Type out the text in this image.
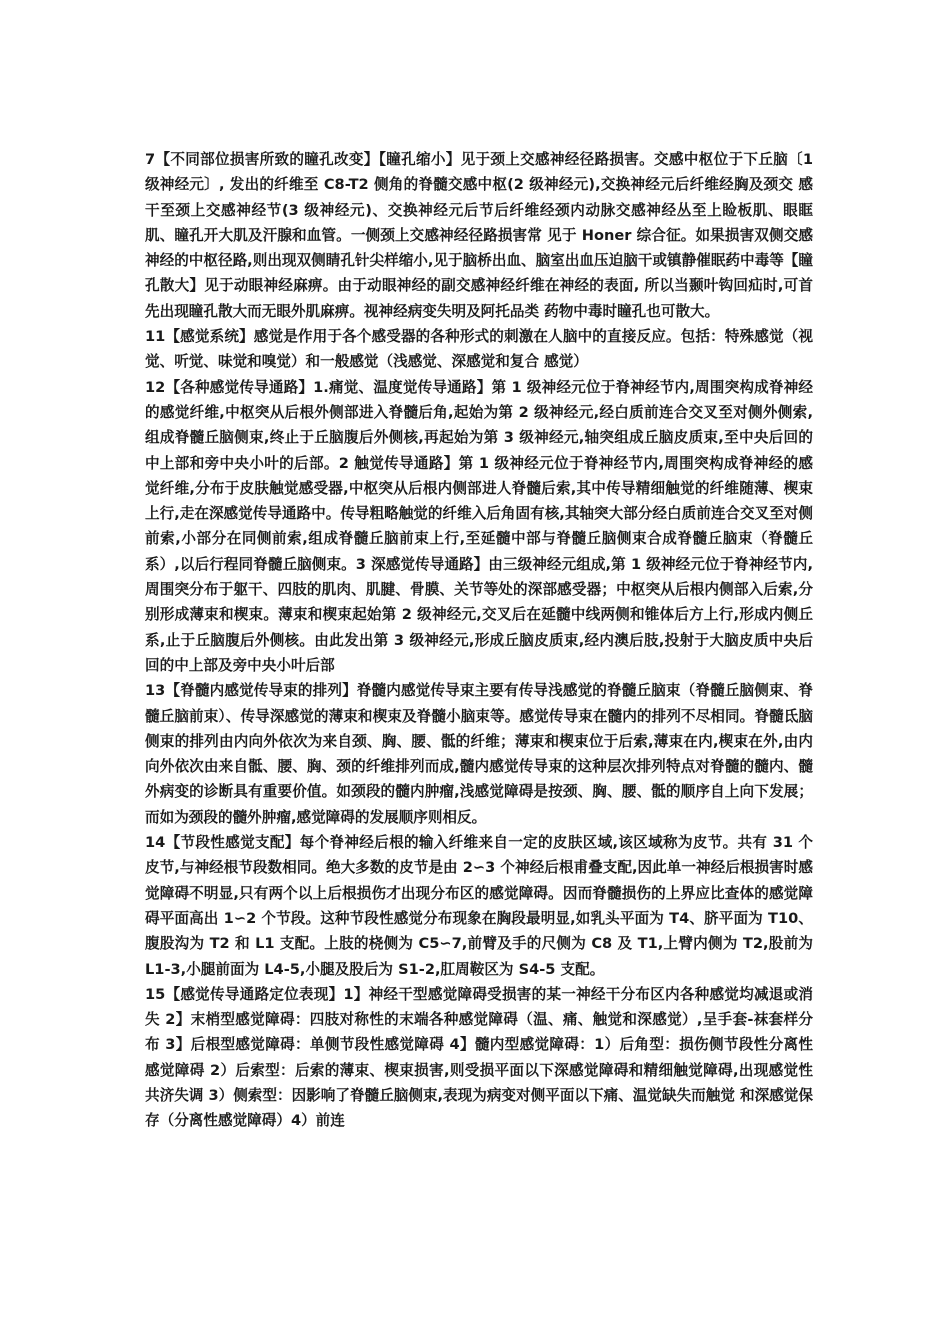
7【不同部位损害所致的瞳孔改变】【瞳孔缩小】见于颈上交感神经径路损害。交感中枢位于下丘脑〔1级神经元〕, 发出的纤维至 C8-T2 侧角的脊髓交感中枢(2 级神经元),交换神经元后纤维经胸及颈交 感干至颈上交感神经节(3 级神经元)、交换神经元后节后纤维经颈内动脉交感神经丛至上睑板肌、眼眶肌、瞳孔开大肌及汗腺和血管。一侧颈上交感神经径路损害常 见于 Honer 综合征。如果损害双侧交感神经的中枢径路,则出现双侧睛孔针尖样缩小,见于脑桥出血、脑室出血压迫脑干或镇静催眠药中毒等【瞳孔散大】见于动眼神经麻痹。由于动眼神经的副交感神经纤维在神经的表面, 所以当颞叶钩回疝时,可首先出现瞳孔散大而无眼外肌麻痹。视神经病变失明及阿托品类 药物中毒时瞳孔也可散大。

11【感觉系统】感觉是作用于各个感受器的各种形式的刺激在人脑中的直接反应。包括：特殊感觉（视觉、听觉、味觉和嗅觉）和一般感觉（浅感觉、深感觉和复合 感觉）

12【各种感觉传导通路】1.痛觉、温度觉传导通路】第 1 级神经元位于脊神经节内,周围突构成脊神经的感觉纤维,中枢突从后根外侧部进入脊髓后角,起始为第 2 级神经元,经白质前连合交叉至对侧外侧索,组成脊髓丘脑侧束,终止于丘脑腹后外侧核,再起始为第 3 级神经元,轴突组成丘脑皮质束,至中央后回的中上部和旁中央小叶的后部。2 触觉传导通路】第 1 级神经元位于脊神经节内,周围突构成脊神经的感觉纤维,分布于皮肤触觉感受器,中枢突从后根内侧部进人脊髓后索,其中传导精细触觉的纤维随薄、楔束上行,走在深感觉传导通路中。传导粗略触觉的纤维入后角固有核,其轴突大部分经白质前连合交叉至对侧前索,小部分在同侧前索,组成脊髓丘脑前束上行,至延髓中部与脊髓丘脑侧束合成脊髓丘脑束（脊髓丘系）,以后行程同脊髓丘脑侧束。3 深感觉传导通路】由三级神经元组成,第 1 级神经元位于脊神经节内,周围突分布于躯干、四肢的肌肉、肌腱、骨膜、关节等处的深部感受器；中枢突从后根内侧部入后索,分别形成薄束和楔束。薄束和楔束起始第 2 级神经元,交叉后在延髓中线两侧和锥体后方上行,形成内侧丘系,止于丘脑腹后外侧核。由此发出第 3 级神经元,形成丘脑皮质束,经内澳后肢,投射于大脑皮质中央后回的中上部及旁中央小叶后部

13【脊髓内感觉传导束的排列】脊髓内感觉传导束主要有传导浅感觉的脊髓丘脑束（脊髓丘脑侧束、脊髓丘脑前束）、传导深感觉的薄束和楔束及脊髓小脑束等。感觉传导束在髓内的排列不尽相同。脊髓氐脑侧束的排列由内向外依次为来自颈、胸、腰、骶的纤维；薄束和楔束位于后索,薄束在内,楔束在外,由内向外依次由来自骶、腰、胸、颈的纤维排列而成,髓内感觉传导束的这种层次排列特点对脊髓的髓内、髓外病变的诊断具有重要价值。如颈段的髓内肿瘤,浅感觉障碍是按颈、胸、腰、骶的顺序自上向下发展；而如为颈段的髓外肿瘤,感觉障碍的发展顺序则相反。

14【节段性感觉支配】每个脊神经后根的输入纤维来自一定的皮肤区域,该区域称为皮节。共有 31 个皮节,与神经根节段数相同。绝大多数的皮节是由 2∽3 个神经后根甫叠支配,因此单一神经后根损害时感觉障碍不明显,只有两个以上后根损伤才出现分布区的感觉障碍。因而脊髓损伤的上界应比查体的感觉障碍平面高出 1∽2 个节段。这种节段性感觉分布现象在胸段最明显,如乳头平面为 T4、脐平面为 T10、腹股沟为 T2 和 L1 支配。上肢的桡侧为 C5∽7,前臂及手的尺侧为 C8 及 T1,上臂内侧为 T2,股前为 L1-3,小腿前面为 L4-5,小腿及股后为 S1-2,肛周鞍区为 S4-5 支配。

15【感觉传导通路定位表现】1】神经干型感觉障碍受损害的某一神经干分布区内各种感觉均减退或消失 2】末梢型感觉障碍：四肢对称性的末端各种感觉障碍（温、痛、触觉和深感觉）,呈手套-袜套样分布 3】后根型感觉障碍：单侧节段性感觉障碍 4】髓内型感觉障碍：1）后角型：损伤侧节段性分离性感觉障碍 2）后索型：后索的薄束、楔束损害,则受损平面以下深感觉障碍和精细触觉障碍,出现感觉性共济失调 3）侧索型：因影响了脊髓丘脑侧束,表现为病变对侧平面以下痛、温觉缺失而触觉 和深感觉保存（分离性感觉障碍）4）前连
